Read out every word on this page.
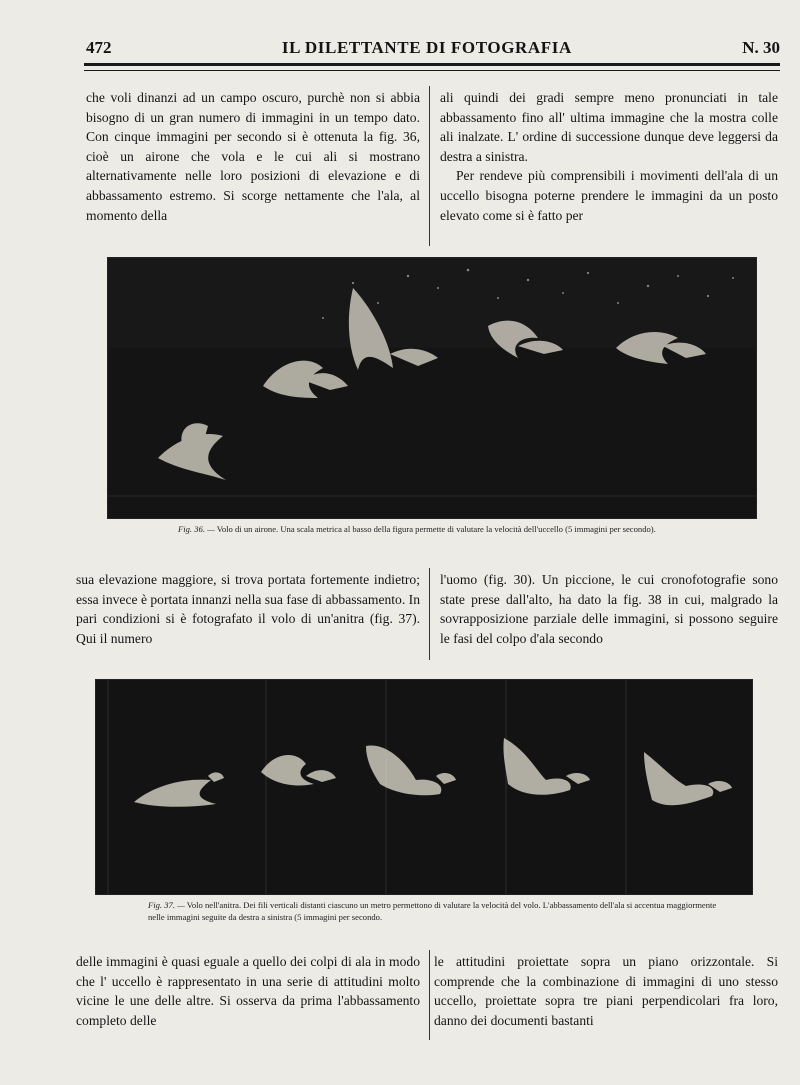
472	IL DILETTANTE DI FOTOGRAFIA	N. 30

che voli dinanzi ad un campo oscuro, purchè non si abbia bisogno di un gran numero di immagini in un tempo dato. Con cinque immagini per secondo si è ottenuta la fig. 36, cioè un airone che vola e le cui ali si mostrano alternativamente nelle loro posizioni di elevazione e di abbassamento estremo. Si scorge nettamente che l'ala, al momento della

ali quindi dei gradi sempre meno pronunciati in tale abbassamento fino all' ultima immagine che la mostra colle ali inalzate. L' ordine di successione dunque deve leggersi da destra a sinistra.

Per rendeve più comprensibili i movimenti dell'ala di un uccello bisogna poterne prendere le immagini da un posto elevato come si è fatto per

Fig. 36. — Volo di un airone. Una scala metrica al basso della figura permette di valutare la velocità dell'uccello (5 immagini per secondo).

sua elevazione maggiore, si trova portata fortemente indietro; essa invece è portata innanzi nella sua fase di abbassamento. In pari condizioni si è fotografato il volo di un'anitra (fig. 37). Qui il numero

l'uomo (fig. 30). Un piccione, le cui cronofotografie sono state prese dall'alto, ha dato la fig. 38 in cui, malgrado la sovrapposizione parziale delle immagini, si possono seguire le fasi del colpo d'ala secondo

Fig. 37. — Volo nell'anitra. Dei fili verticali distanti ciascuno un metro permettono di valutare la velocità del volo. L'abbassamento dell'ala si accentua maggiormente nelle immagini seguite da destra a sinistra (5 immagini per secondo.

delle immagini è quasi eguale a quello dei colpi di ala in modo che l' uccello è rappresentato in una serie di attitudini molto vicine le une delle altre. Si osserva da prima l'abbassamento completo delle

le attitudini proiettate sopra un piano orizzontale. Si comprende che la combinazione di immagini di uno stesso uccello, proiettate sopra tre piani perpendicolari fra loro, danno dei documenti bastanti
